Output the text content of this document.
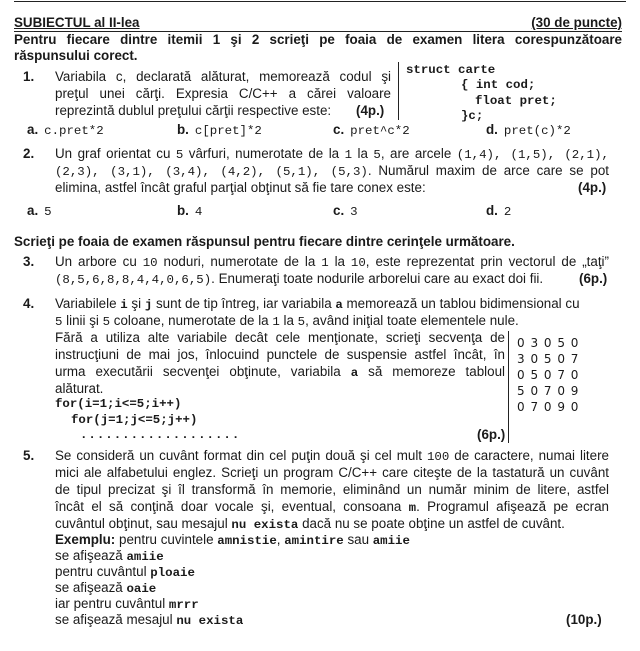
SUBIECTUL al II-lea	(30 de puncte)
Pentru fiecare dintre itemii 1 şi 2 scrieţi pe foaia de examen litera corespunzătoare
răspunsului corect.
1. Variabila c, declarată alăturat, memorează codul şi
preţul unei cărţi. Expresia C/C++ a cărei valoare
reprezintă dublul preţului cărţii respective este: (4p.)
struct carte
{ int cod;
float pret;
}c;
a. c.pret*2	b. c[pret]*2	c. pret^c*2	d. pret(c)*2
2. Un graf orientat cu 5 vârfuri, numerotate de la 1 la 5, are arcele (1,4), (1,5), (2,1),
(2,3), (3,1), (3,4), (4,2), (5,1), (5,3). Numărul maxim de arce care se pot
elimina, astfel încât graful parţial obţinut să fie tare conex este:	(4p.)
a. 5	b. 4	c. 3	d. 2
Scrieţi pe foaia de examen răspunsul pentru fiecare dintre cerinţele următoare.
3. Un arbore cu 10 noduri, numerotate de la 1 la 10, este reprezentat prin vectorul de „taţi”
(8,5,6,8,8,4,4,0,6,5). Enumeraţi toate nodurile arborelui care au exact doi fii.	(6p.)
4. Variabilele i şi j sunt de tip întreg, iar variabila a memorează un tablou bidimensional cu
5 linii şi 5 coloane, numerotate de la 1 la 5, având iniţial toate elementele nule.
Fără a utiliza alte variabile decât cele menţionate, scrieţi secvenţa de
instrucţiuni de mai jos, înlocuind punctele de suspensie astfel încât, în
urma executării secvenţei obţinute, variabila a să memoreze tabloul
alăturat.
for(i=1;i<=5;i++)
for(j=1;j<=5;j++)
...................	(6p.)
0 3 0 5 0
3 0 5 0 7
0 5 0 7 0
5 0 7 0 9
0 7 0 9 0
5. Se consideră un cuvânt format din cel puţin două şi cel mult 100 de caractere, numai litere
mici ale alfabetului englez. Scrieţi un program C/C++ care citeşte de la tastatură un cuvânt
de tipul precizat şi îl transformă în memorie, eliminând un număr minim de litere, astfel
încât el să conţină doar vocale şi, eventual, consoana m. Programul afişează pe ecran
cuvântul obţinut, sau mesajul nu exista dacă nu se poate obţine un astfel de cuvânt.
Exemplu: pentru cuvintele amnistie, amintire sau amiie
se afişează amiie
pentru cuvântul ploaie
se afişează oaie
iar pentru cuvântul mrrr
se afişează mesajul nu exista	(10p.)
